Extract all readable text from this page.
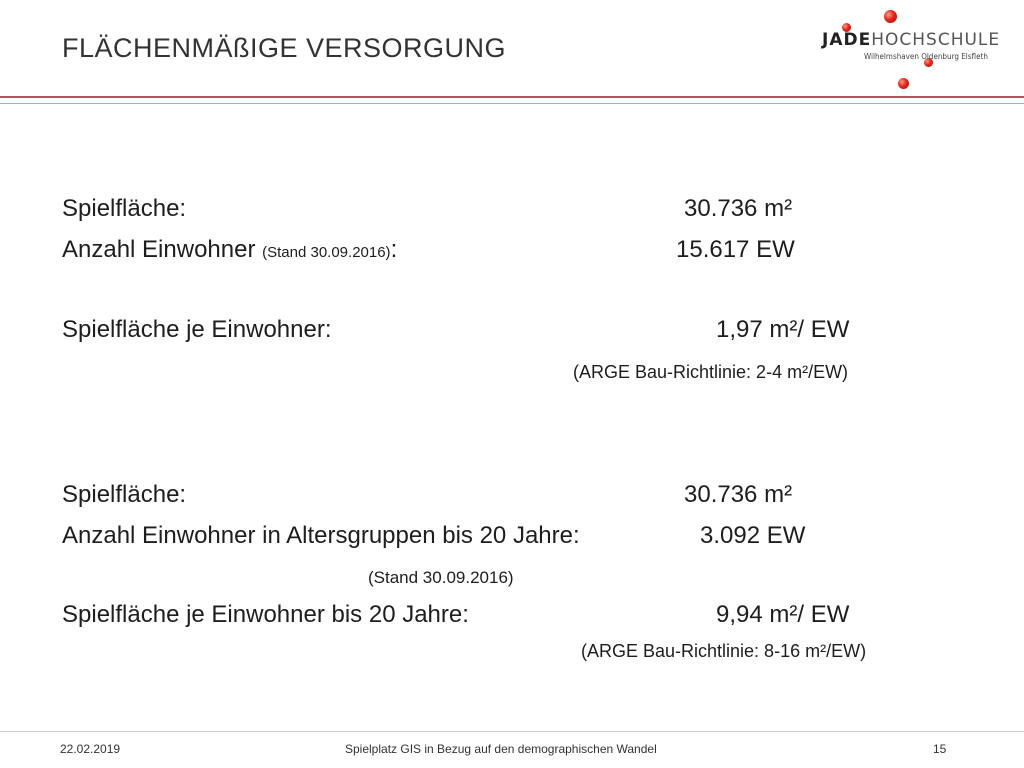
FLÄCHENMÄßIGE VERSORGUNG	JADEHOCHSCHULE
Wilhelmshaven Oldenburg Elsfleth
Spielfläche:	30.736 m²
Anzahl Einwohner (Stand 30.09.2016):	15.617 EW
Spielfläche je Einwohner:	1,97 m²/ EW
(ARGE Bau-Richtlinie: 2-4 m²/EW)
Spielfläche:	30.736 m²
Anzahl Einwohner in Altersgruppen bis 20 Jahre:	3.092 EW
(Stand 30.09.2016)
Spielfläche je Einwohner bis 20 Jahre:	9,94 m²/ EW
(ARGE Bau-Richtlinie: 8-16 m²/EW)
22.02.2019	Spielplatz GIS in Bezug auf den demographischen Wandel	15
